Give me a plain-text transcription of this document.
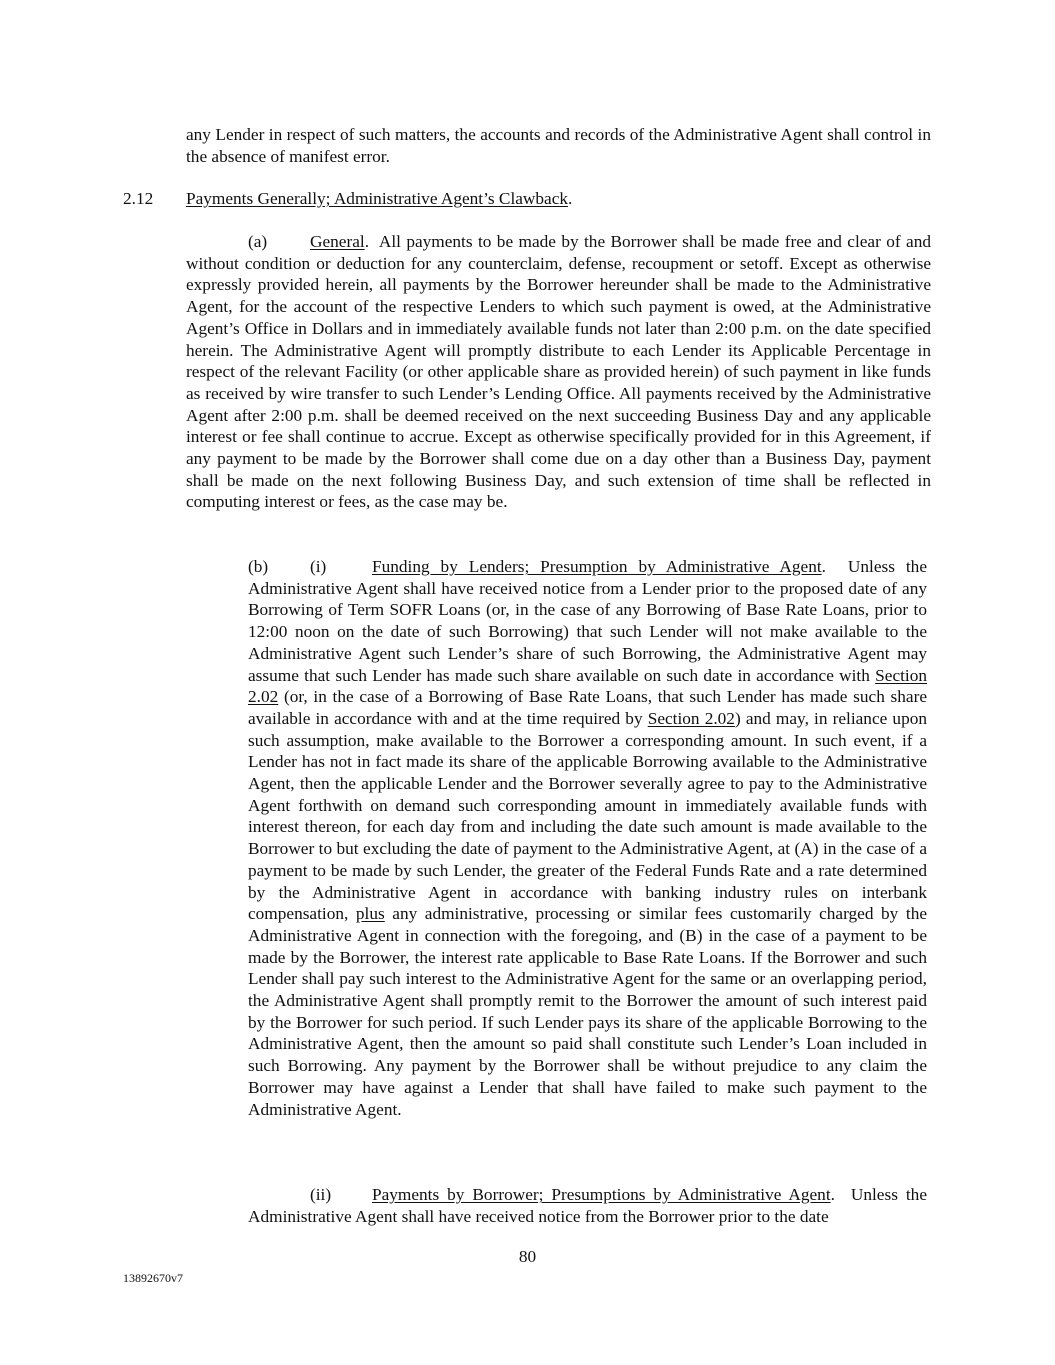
any Lender in respect of such matters, the accounts and records of the Administrative Agent shall control in the absence of manifest error.

2.12 Payments Generally; Administrative Agent’s Clawback.

(a) General. All payments to be made by the Borrower shall be made free and clear of and without condition or deduction for any counterclaim, defense, recoupment or setoff. Except as otherwise expressly provided herein, all payments by the Borrower hereunder shall be made to the Administrative Agent, for the account of the respective Lenders to which such payment is owed, at the Administrative Agent’s Office in Dollars and in immediately available funds not later than 2:00 p.m. on the date specified herein. The Administrative Agent will promptly distribute to each Lender its Applicable Percentage in respect of the relevant Facility (or other applicable share as provided herein) of such payment in like funds as received by wire transfer to such Lender’s Lending Office. All payments received by the Administrative Agent after 2:00 p.m. shall be deemed received on the next succeeding Business Day and any applicable interest or fee shall continue to accrue. Except as otherwise specifically provided for in this Agreement, if any payment to be made by the Borrower shall come due on a day other than a Business Day, payment shall be made on the next following Business Day, and such extension of time shall be reflected in computing interest or fees, as the case may be.

(b) (i)	Funding by Lenders; Presumption by Administrative Agent. Unless the Administrative Agent shall have received notice from a Lender prior to the proposed date of any Borrowing of Term SOFR Loans (or, in the case of any Borrowing of Base Rate Loans, prior to 12:00 noon on the date of such Borrowing) that such Lender will not make available to the Administrative Agent such Lender’s share of such Borrowing, the Administrative Agent may assume that such Lender has made such share available on such date in accordance with Section 2.02 (or, in the case of a Borrowing of Base Rate Loans, that such Lender has made such share available in accordance with and at the time required by Section 2.02) and may, in reliance upon such assumption, make available to the Borrower a corresponding amount. In such event, if a Lender has not in fact made its share of the applicable Borrowing available to the Administrative Agent, then the applicable Lender and the Borrower severally agree to pay to the Administrative Agent forthwith on demand such corresponding amount in immediately available funds with interest thereon, for each day from and including the date such amount is made available to the Borrower to but excluding the date of payment to the Administrative Agent, at (A) in the case of a payment to be made by such Lender, the greater of the Federal Funds Rate and a rate determined by the Administrative Agent in accordance with banking industry rules on interbank compensation, plus any administrative, processing or similar fees customarily charged by the Administrative Agent in connection with the foregoing, and (B) in the case of a payment to be made by the Borrower, the interest rate applicable to Base Rate Loans. If the Borrower and such Lender shall pay such interest to the Administrative Agent for the same or an overlapping period, the Administrative Agent shall promptly remit to the Borrower the amount of such interest paid by the Borrower for such period. If such Lender pays its share of the applicable Borrowing to the Administrative Agent, then the amount so paid shall constitute such Lender’s Loan included in such Borrowing. Any payment by the Borrower shall be without prejudice to any claim the Borrower may have against a Lender that shall have failed to make such payment to the Administrative Agent.

(ii) Payments by Borrower; Presumptions by Administrative Agent. Unless the Administrative Agent shall have received notice from the Borrower prior to the date

80

13892670v7
